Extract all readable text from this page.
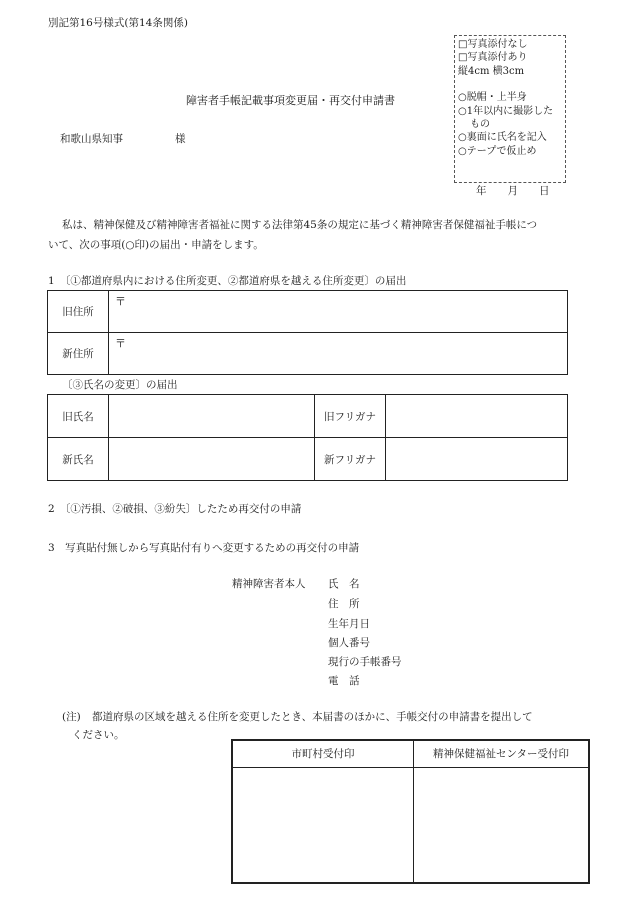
別記第16号様式(第14条関係)
□写真添付なし
□写真添付あり
縦4cm 横3cm
○脱帽・上半身
○1年以内に撮影した
もの
○裏面に氏名を記入
○テープで仮止め
障害者手帳記載事項変更届・再交付申請書
和歌山県知事	様
年　　月　　日
私は、精神保健及び精神障害者福祉に関する法律第45条の規定に基づく精神障害者保健福祉手帳につ
いて、次の事項(○印)の届出・申請をします。
1　〔①都道府県内における住所変更、②都道府県を越える住所変更〕の届出
旧住所	〒

新住所	〒
〔③氏名の変更〕の届出
旧氏名		旧フリガナ	
新氏名		新フリガナ	
2　〔①汚損、②破損、③紛失〕したため再交付の申請
3　写真貼付無しから写真貼付有りへ変更するための再交付の申請
精神障害者本人 氏　名
住　所
生年月日
個人番号
現行の手帳番号
電　話
(注) 都道府県の区域を越える住所を変更したとき、本届書のほかに、手帳交付の申請書を提出して
ください。
市町村受付印	精神保健福祉センター受付印
